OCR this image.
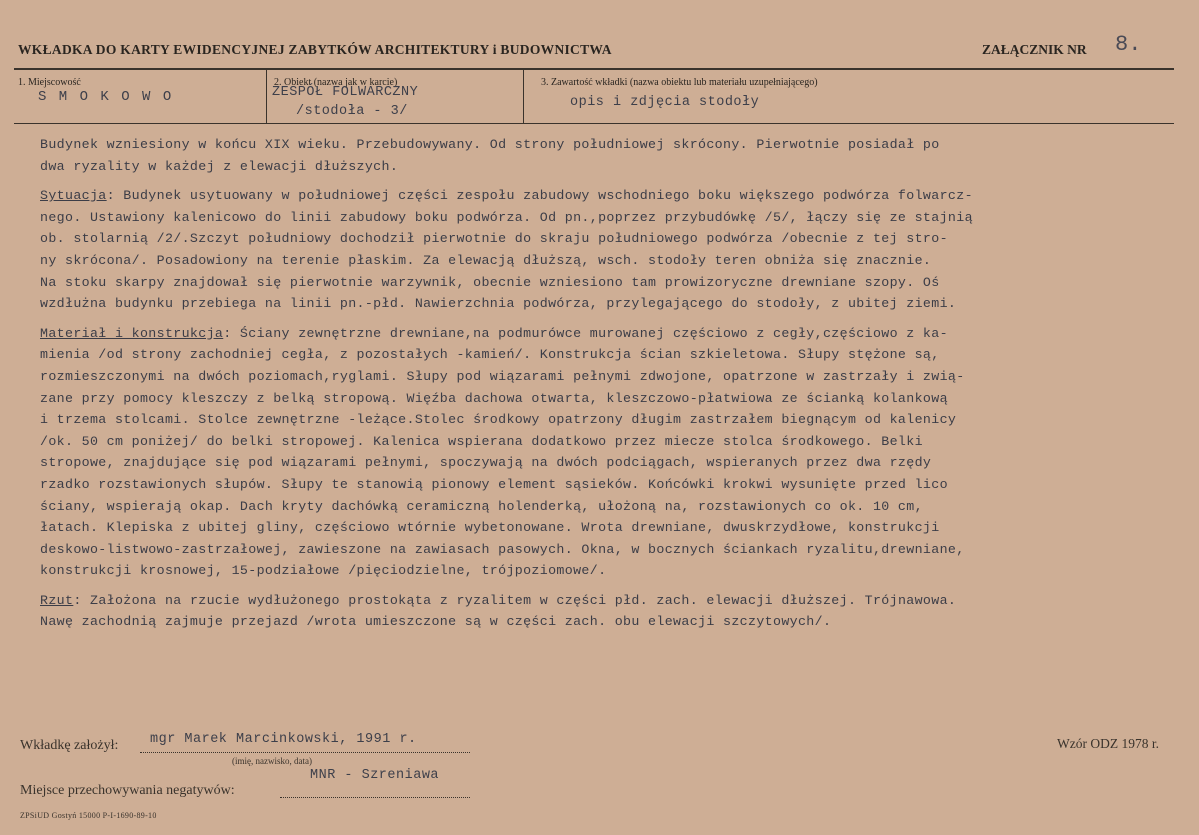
WKŁADKA DO KARTY EWIDENCYJNEJ ZABYTKÓW ARCHITEKTURY i BUDOWNICTWA	ZAŁĄCZNIK NR 8.
1. Miejscowość
S M O K O W O
2. Obiekt (nazwa jak w karcie)
ZESPÓŁ FOLWARCZNY
/stodoła - 3/
3. Zawartość wkładki (nazwa obiektu lub materiału uzupełniającego)
opis i zdjęcia stodoły

Budynek wzniesiony w końcu XIX wieku. Przebudowywany. Od strony południowej skrócony. Pierwotnie posiadał po
dwa ryzality w każdej z elewacji dłuższych.

Sytuacja: Budynek usytuowany w południowej części zespołu zabudowy wschodniego boku większego podwórza folwarcz-
nego. Ustawiony kalenicowo do linii zabudowy boku podwórza. Od pn.,poprzez przybudówkę /5/, łączy się ze stajnią
ob. stolarnią /2/.Szczyt południowy dochodził pierwotnie do skraju południowego podwórza /obecnie z tej stro-
ny skrócona/. Posadowiony na terenie płaskim. Za elewacją dłuższą, wsch. stodoły teren obniża się znacznie.
Na stoku skarpy znajdował się pierwotnie warzywnik, obecnie wzniesiono tam prowizoryczne drewniane szopy. Oś
wzdłużna budynku przebiega na linii pn.-płd. Nawierzchnia podwórza, przylegającego do stodoły, z ubitej ziemi.

Materiał i konstrukcja: Ściany zewnętrzne drewniane,na podmurówce murowanej częściowo z cegły,częściowo z ka-
mienia /od strony zachodniej cegła, z pozostałych -kamień/. Konstrukcja ścian szkieletowa. Słupy stężone są,
rozmieszczonymi na dwóch poziomach,ryglami. Słupy pod wiązarami pełnymi zdwojone, opatrzone w zastrzały i zwią-
zane przy pomocy kleszczy z belką stropową. Więźba dachowa otwarta, kleszczowo-płatwiowa ze ścianką kolankową
i trzema stolcami. Stolce zewnętrzne -leżące.Stolec środkowy opatrzony długim zastrzałem biegnącym od kalenicy
/ok. 50 cm poniżej/ do belki stropowej. Kalenica wspierana dodatkowo przez miecze stolca środkowego. Belki
stropowe, znajdujące się pod wiązarami pełnymi, spoczywają na dwóch podciągach, wspieranych przez dwa rzędy
rzadko rozstawionych słupów. Słupy te stanowią pionowy element sąsieków. Końcówki krokwi wysunięte przed lico
ściany, wspierają okap. Dach kryty dachówką ceramiczną holenderką, ułożoną na, rozstawionych co ok. 10 cm,
łatach. Klepiska z ubitej gliny, częściowo wtórnie wybetonowane. Wrota drewniane, dwuskrzydłowe, konstrukcji
deskowo-listwowo-zastrzałowej, zawieszone na zawiasach pasowych. Okna, w bocznych ściankach ryzalitu,drewniane,
konstrukcji krosnowej, 15-podziałowe /pięciodzielne, trójpoziomowe/.

Rzut: Założona na rzucie wydłużonego prostokąta z ryzalitem w części płd. zach. elewacji dłuższej. Trójnawowa.
Nawę zachodnią zajmuje przejazd /wrota umieszczone są w części zach. obu elewacji szczytowych/.

Wkładkę założył: mgr Marek Marcinkowski, 1991 r.
(imię, nazwisko, data)
Wzór ODZ 1978 r.
MNR - Szreniawa
Miejsce przechowywania negatywów:
ZPSiUD Gostyń 15000 P-I-1690-89-10
